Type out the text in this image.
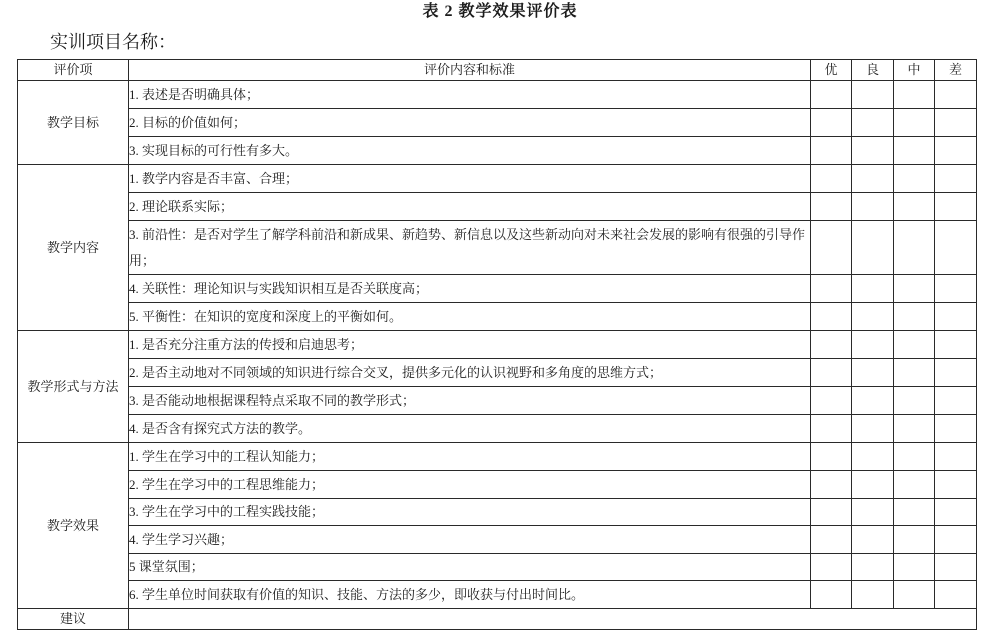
表 2 教学效果评价表
实训项目名称：
评价项	评价内容和标准	优	良	中	差
教学目标	1. 表述是否明确具体；				
	2. 目标的价值如何；				
	3. 实现目标的可行性有多大。				
教学内容	1. 教学内容是否丰富、合理；				
	2. 理论联系实际；				
	3. 前沿性：是否对学生了解学科前沿和新成果、新趋势、新信息以及这些新动向对未来社会发展的影响有很强的引导作用；				
	4. 关联性：理论知识与实践知识相互是否关联度高；				
	5. 平衡性：在知识的宽度和深度上的平衡如何。				
教学形式与方法	1. 是否充分注重方法的传授和启迪思考；				
	2. 是否主动地对不同领域的知识进行综合交叉，提供多元化的认识视野和多角度的思维方式；				
	3. 是否能动地根据课程特点采取不同的教学形式；				
	4. 是否含有探究式方法的教学。				
教学效果	1. 学生在学习中的工程认知能力；				
	2. 学生在学习中的工程思维能力；				
	3. 学生在学习中的工程实践技能；				
	4. 学生学习兴趣；				
	5 课堂氛围；				
	6. 学生单位时间获取有价值的知识、技能、方法的多少，即收获与付出时间比。				
建议					
